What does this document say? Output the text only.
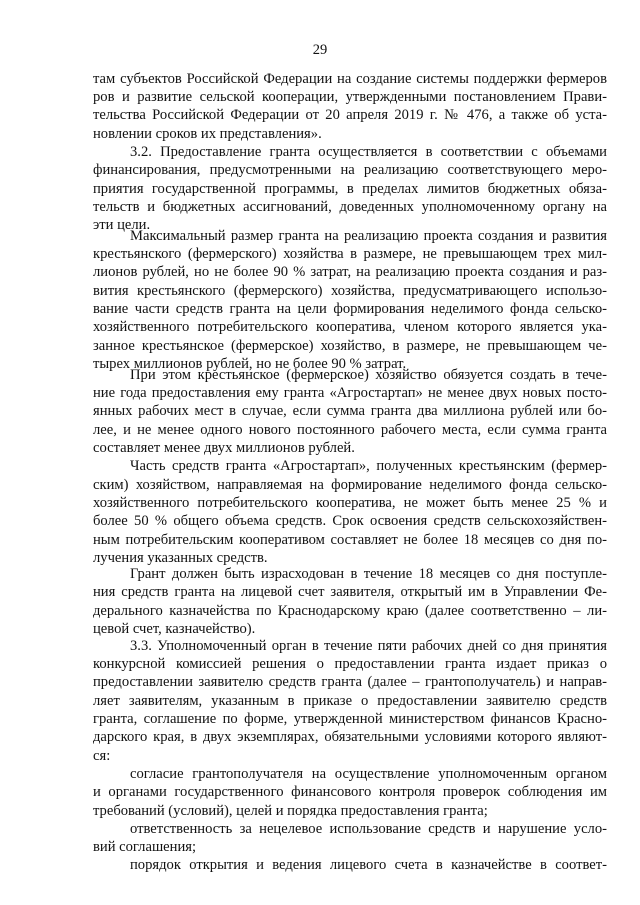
29
там субъектов Российской Федерации на создание системы поддержки фермеров
ров и развитие сельской кооперации, утвержденными постановлением Прави-
тельства Российской Федерации от 20 апреля 2019 г. № 476, а также об уста-
новлении сроков их представления».
3.2. Предоставление гранта осуществляется в соответствии с объемами
финансирования, предусмотренными на реализацию соответствующего меро-
приятия государственной программы, в пределах лимитов бюджетных обяза-
тельств и бюджетных ассигнований, доведенных уполномоченному органу на
эти цели.
Максимальный размер гранта на реализацию проекта создания и развития
крестьянского (фермерского) хозяйства в размере, не превышающем трех мил-
лионов рублей, но не более 90 % затрат, на реализацию проекта создания и раз-
вития крестьянского (фермерского) хозяйства, предусматривающего использо-
вание части средств гранта на цели формирования неделимого фонда сельско-
хозяйственного потребительского кооператива, членом которого является ука-
занное крестьянское (фермерское) хозяйство, в размере, не превышающем че-
тырех миллионов рублей, но не более 90 % затрат.
При этом крестьянское (фермерское) хозяйство обязуется создать в тече-
ние года предоставления ему гранта «Агростартап» не менее двух новых посто-
янных рабочих мест в случае, если сумма гранта два миллиона рублей или бо-
лее, и не менее одного нового постоянного рабочего места, если сумма гранта
составляет менее двух миллионов рублей.
Часть средств гранта «Агростартап», полученных крестьянским (фермер-
ским) хозяйством, направляемая на формирование неделимого фонда сельско-
хозяйственного потребительского кооператива, не может быть менее 25 % и
более 50 % общего объема средств. Срок освоения средств сельскохозяйствен-
ным потребительским кооперативом составляет не более 18 месяцев со дня по-
лучения указанных средств.
Грант должен быть израсходован в течение 18 месяцев со дня поступле-
ния средств гранта на лицевой счет заявителя, открытый им в Управлении Фе-
дерального казначейства по Краснодарскому краю (далее соответственно – ли-
цевой счет, казначейство).
3.3. Уполномоченный орган в течение пяти рабочих дней со дня принятия
конкурсной комиссией решения о предоставлении гранта издает приказ о
предоставлении заявителю средств гранта (далее – грантополучатель) и направ-
ляет заявителям, указанным в приказе о предоставлении заявителю средств
гранта, соглашение по форме, утвержденной министерством финансов Красно-
дарского края, в двух экземплярах, обязательными условиями которого являют-
ся:
согласие грантополучателя на осуществление уполномоченным органом
и органами государственного финансового контроля проверок соблюдения им
требований (условий), целей и порядка предоставления гранта;
ответственность за нецелевое использование средств и нарушение усло-
вий соглашения;
порядок открытия и ведения лицевого счета в казначействе в соответ-
